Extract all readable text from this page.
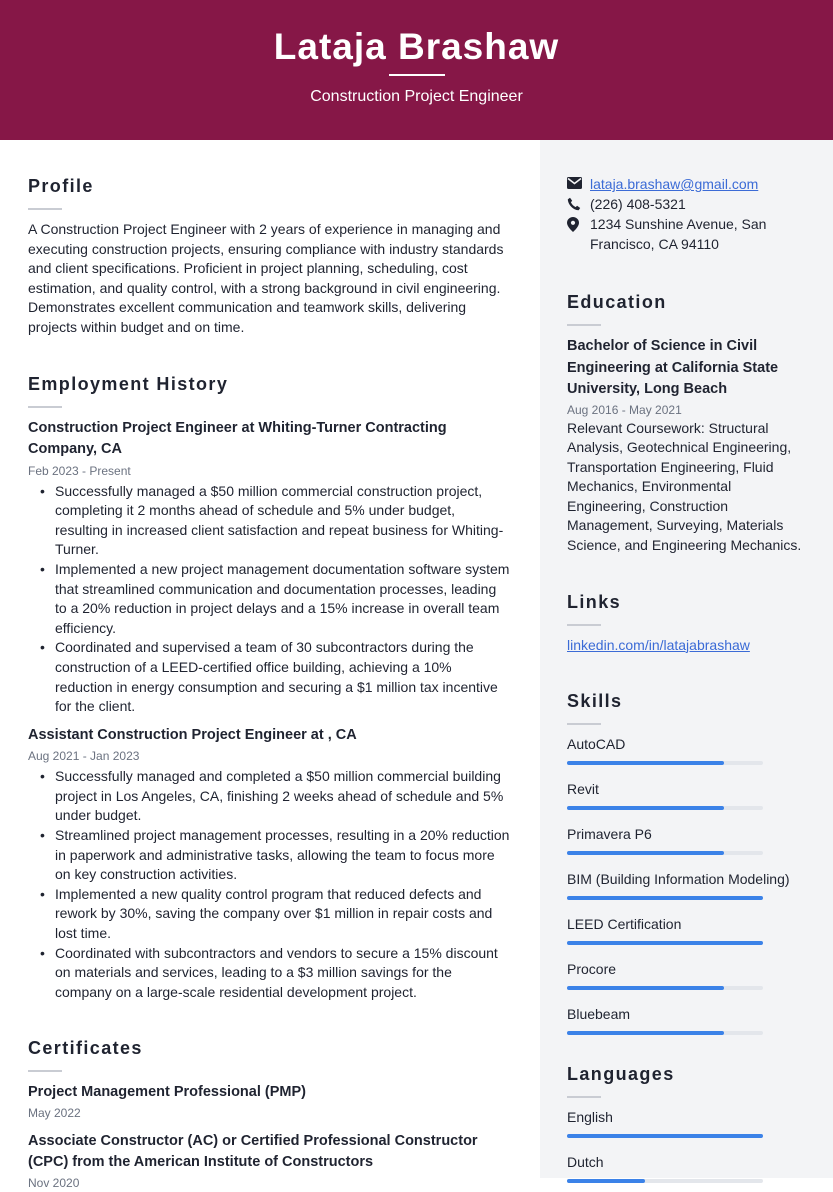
Lataja Brashaw
Construction Project Engineer
Profile

A Construction Project Engineer with 2 years of experience in managing and executing construction projects, ensuring compliance with industry standards and client specifications. Proficient in project planning, scheduling, cost estimation, and quality control, with a strong background in civil engineering. Demonstrates excellent communication and teamwork skills, delivering projects within budget and on time.

Employment History
Construction Project Engineer at Whiting-Turner Contracting Company, CA
Feb 2023 - Present
• Successfully managed a $50 million commercial construction project, completing it 2 months ahead of schedule and 5% under budget, resulting in increased client satisfaction and repeat business for Whiting-Turner.
• Implemented a new project management documentation software system that streamlined communication and documentation processes, leading to a 20% reduction in project delays and a 15% increase in overall team efficiency.
• Coordinated and supervised a team of 30 subcontractors during the construction of a LEED-certified office building, achieving a 10% reduction in energy consumption and securing a $1 million tax incentive for the client.
Assistant Construction Project Engineer at , CA
Aug 2021 - Jan 2023
• Successfully managed and completed a $50 million commercial building project in Los Angeles, CA, finishing 2 weeks ahead of schedule and 5% under budget.
• Streamlined project management processes, resulting in a 20% reduction in paperwork and administrative tasks, allowing the team to focus more on key construction activities.
• Implemented a new quality control program that reduced defects and rework by 30%, saving the company over $1 million in repair costs and lost time.
• Coordinated with subcontractors and vendors to secure a 15% discount on materials and services, leading to a $3 million savings for the company on a large-scale residential development project.
Certificates
Project Management Professional (PMP)
May 2022
Associate Constructor (AC) or Certified Professional Constructor (CPC) from the American Institute of Constructors
Nov 2020
lataja.brashaw@gmail.com
(226) 408-5321
1234 Sunshine Avenue, San Francisco, CA 94110
Education
Bachelor of Science in Civil Engineering at California State University, Long Beach
Aug 2016 - May 2021

Relevant Coursework: Structural Analysis, Geotechnical Engineering, Transportation Engineering, Fluid Mechanics, Environmental Engineering, Construction Management, Surveying, Materials Science, and Engineering Mechanics.

Links

linkedin.com/in/latajabrashaw

Skills
AutoCAD
Revit
Primavera P6
BIM (Building Information Modeling)
LEED Certification
Procore
Bluebeam
Languages
English
Dutch
